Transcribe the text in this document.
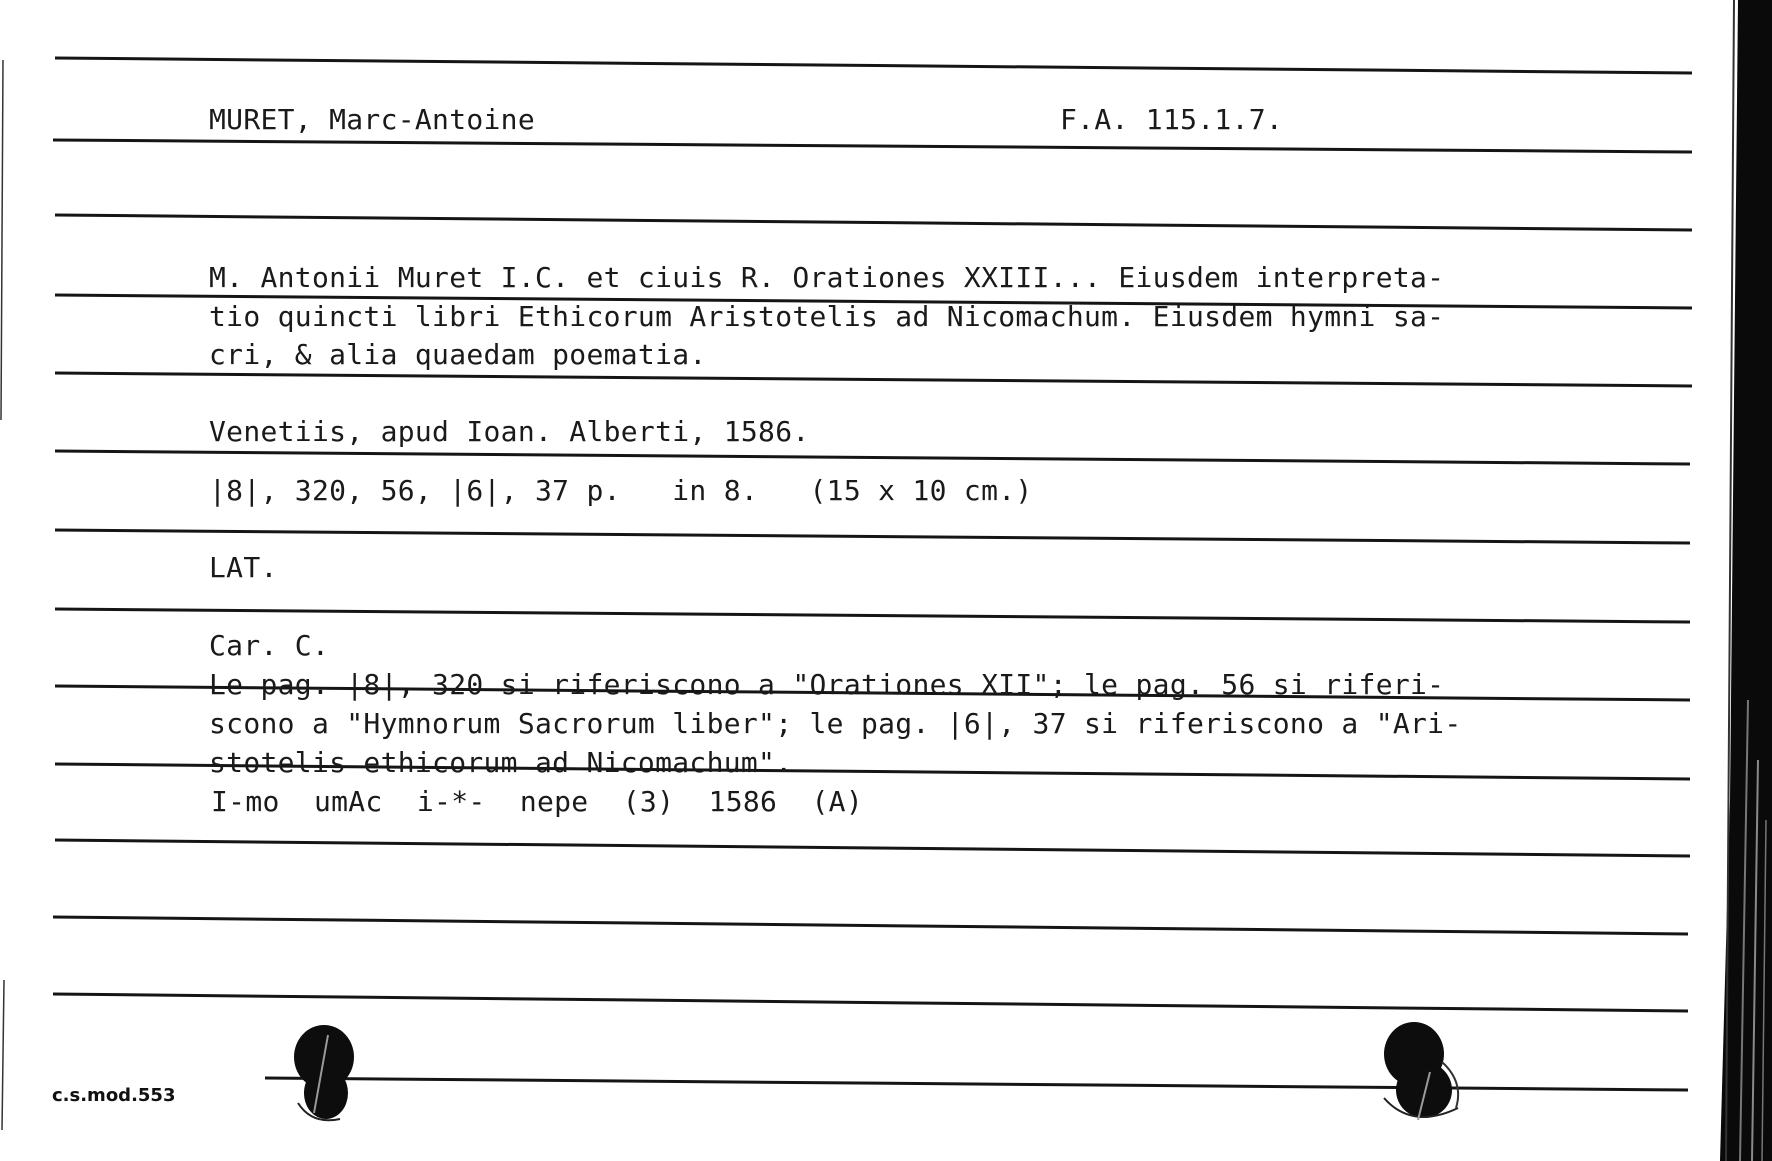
MURET, Marc-Antoine	F.A. 115.1.7.
M. Antonii Muret I.C. et ciuis R. Orationes XXIII... Eiusdem interpreta-
tio quincti libri Ethicorum Aristotelis ad Nicomachum. Eiusdem hymni sa-
cri, & alia quaedam poematia.
Venetiis, apud Ioan. Alberti, 1586.
|8|, 320, 56, |6|, 37 p.   in 8.   (15 x 10 cm.)
LAT.
Car. C.
Le pag. |8|, 320 si riferiscono a "Orationes XII"; le pag. 56 si riferi-
scono a "Hymnorum Sacrorum liber"; le pag. |6|, 37 si riferiscono a "Ari-
stotelis ethicorum ad Nicomachum".
I-mo  umAc  i-*-  nepe  (3)  1586  (A)
c.s.mod.553
